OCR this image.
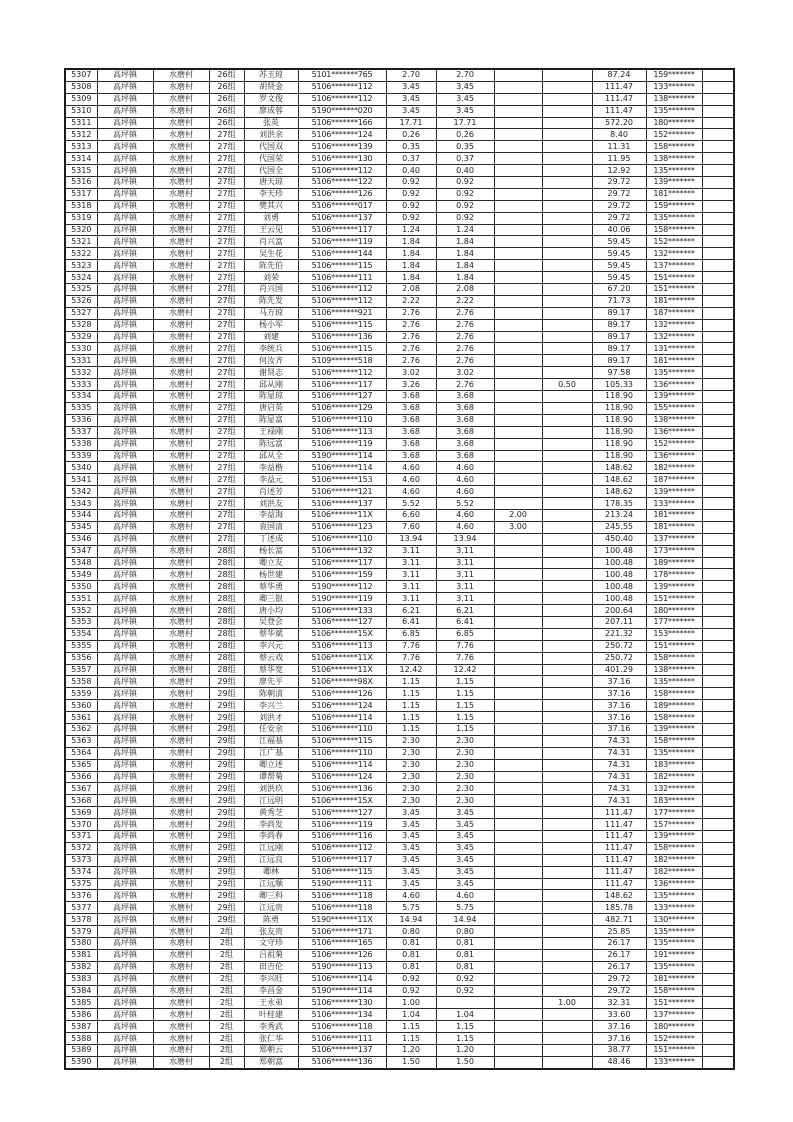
5307	高坪镇	水磨村	26组	苏玉琼	5101*******765	2.70	2.70			87.24	159*******	
5308	高坪镇	水磨村	26组	胡贤金	5106*******112	3.45	3.45			111.47	133*******	
5309	高坪镇	水磨村	26组	罗文俊	5106*******112	3.45	3.45			111.47	138*******	
5310	高坪镇	水磨村	26组	廖成蓉	5190*******020	3.45	3.45			111.47	135*******	
5311	高坪镇	水磨村	26组	张英	5106*******166	17.71	17.71			572.20	180*******	
5312	高坪镇	水磨村	27组	刘洪余	5106*******124	0.26	0.26			8.40	152*******	
5313	高坪镇	水磨村	27组	代国双	5106*******139	0.35	0.35			11.31	158*******	
5314	高坪镇	水磨村	27组	代国荣	5106*******130	0.37	0.37			11.95	138*******	
5315	高坪镇	水磨村	27组	代国全	5106*******112	0.40	0.40			12.92	135*******	
5316	高坪镇	水磨村	27组	唐天琼	5106*******122	0.92	0.92			29.72	139*******	
5317	高坪镇	水磨村	27组	李天珍	5106*******126	0.92	0.92			29.72	181*******	
5318	高坪镇	水磨村	27组	樊其兴	5106*******017	0.92	0.92			29.72	159*******	
5319	高坪镇	水磨村	27组	刘勇	5106*******137	0.92	0.92			29.72	135*******	
5320	高坪镇	水磨村	27组	王云见	5106*******117	1.24	1.24			40.06	158*******	
5321	高坪镇	水磨村	27组	肖兴富	5106*******119	1.84	1.84			59.45	152*******	
5322	高坪镇	水磨村	27组	吴生花	5106*******144	1.84	1.84			59.45	132*******	
5323	高坪镇	水磨村	27组	陈先伯	5106*******115	1.84	1.84			59.45	137*******	
5324	高坪镇	水磨村	27组	刘荣	5106*******111	1.84	1.84			59.45	151*******	
5325	高坪镇	水磨村	27组	肖兴国	5106*******112	2.08	2.08			67.20	151*******	
5326	高坪镇	水磨村	27组	陈先发	5106*******112	2.22	2.22			71.73	181*******	
5327	高坪镇	水磨村	27组	马万琼	5106*******921	2.76	2.76			89.17	187*******	
5328	高坪镇	水磨村	27组	杨小军	5106*******115	2.76	2.76			89.17	132*******	
5329	高坪镇	水磨村	27组	刘建	5106*******136	2.76	2.76			89.17	132*******	
5330	高坪镇	水磨村	27组	李统兵	5106*******115	2.76	2.76			89.17	131*******	
5331	高坪镇	水磨村	27组	何汝齐	5109*******518	2.76	2.76			89.17	181*******	
5332	高坪镇	水磨村	27组	谢贤志	5106*******112	3.02	3.02			97.58	135*******	
5333	高坪镇	水磨村	27组	邱从刚	5106*******117	3.26	2.76		0.50	105.33	136*******	
5334	高坪镇	水磨村	27组	陈显琼	5106*******127	3.68	3.68			118.90	139*******	
5335	高坪镇	水磨村	27组	唐启英	5106*******129	3.68	3.68			118.90	155*******	
5336	高坪镇	水磨村	27组	陈显富	5106*******110	3.68	3.68			118.90	138*******	
5337	高坪镇	水磨村	27组	王禄刚	5106*******113	3.68	3.68			118.90	136*******	
5338	高坪镇	水磨村	27组	陈远富	5106*******119	3.68	3.68			118.90	152*******	
5339	高坪镇	水磨村	27组	邱从全	5190*******114	3.68	3.68			118.90	136*******	
5340	高坪镇	水磨村	27组	李益楷	5106*******114	4.60	4.60			148.62	182*******	
5341	高坪镇	水磨村	27组	李益元	5106*******153	4.60	4.60			148.62	187*******	
5342	高坪镇	水磨村	27组	肖述芳	5106*******121	4.60	4.60			148.62	139*******	
5343	高坪镇	水磨村	27组	刘洪友	5106*******137	5.52	5.52			178.35	133*******	
5344	高坪镇	水磨村	27组	李益海	5106*******11X	6.60	4.60	2.00		213.24	181*******	
5345	高坪镇	水磨村	27组	袁国清	5106*******123	7.60	4.60	3.00		245.55	181*******	
5346	高坪镇	水磨村	27组	丁述成	5106*******110	13.94	13.94			450.40	137*******	
5347	高坪镇	水磨村	28组	杨长富	5106*******132	3.11	3.11			100.48	173*******	
5348	高坪镇	水磨村	28组	卿立友	5106*******117	3.11	3.11			100.48	189*******	
5349	高坪镇	水磨村	28组	杨世建	5106*******159	3.11	3.11			100.48	178*******	
5350	高坪镇	水磨村	28组	蔡华勇	5190*******112	3.11	3.11			100.48	139*******	
5351	高坪镇	水磨村	28组	卿三银	5190*******119	3.11	3.11			100.48	151*******	
5352	高坪镇	水磨村	28组	唐小均	5106*******133	6.21	6.21			200.64	180*******	
5353	高坪镇	水磨村	28组	吴登会	5106*******127	6.41	6.41			207.11	177*******	
5354	高坪镇	水磨村	28组	蔡华斌	5106*******15X	6.85	6.85			221.32	153*******	
5355	高坪镇	水磨村	28组	李兴元	5106*******113	7.76	7.76			250.72	151*******	
5356	高坪镇	水磨村	28组	蔡云戏	5106*******11X	7.76	7.76			250.72	158*******	
5357	高坪镇	水磨村	28组	蔡华宽	5106*******11X	12.42	12.42			401.29	138*******	
5358	高坪镇	水磨村	29组	廖先平	5106*******98X	1.15	1.15			37.16	135*******	
5359	高坪镇	水磨村	29组	陈朝清	5106*******126	1.15	1.15			37.16	158*******	
5360	高坪镇	水磨村	29组	李兴兰	5106*******124	1.15	1.15			37.16	189*******	
5361	高坪镇	水磨村	29组	刘洪才	5106*******114	1.15	1.15			37.16	158*******	
5362	高坪镇	水磨村	29组	任安余	5106*******110	1.15	1.15			37.16	139*******	
5363	高坪镇	水磨村	29组	江福基	5106*******115	2.30	2.30			74.31	158*******	
5364	高坪镇	水磨村	29组	江广基	5106*******110	2.30	2.30			74.31	135*******	
5365	高坪镇	水磨村	29组	卿立述	5106*******114	2.30	2.30			74.31	183*******	
5366	高坪镇	水磨村	29组	谭帮菊	5106*******124	2.30	2.30			74.31	182*******	
5367	高坪镇	水磨村	29组	刘洪玖	5106*******136	2.30	2.30			74.31	132*******	
5368	高坪镇	水磨村	29组	江远明	5106*******15X	2.30	2.30			74.31	183*******	
5369	高坪镇	水磨村	29组	黄秀芝	5106*******127	3.45	3.45			111.47	177*******	
5370	高坪镇	水磨村	29组	李尚发	5106*******119	3.45	3.45			111.47	157*******	
5371	高坪镇	水磨村	29组	李尚春	5106*******116	3.45	3.45			111.47	139*******	
5372	高坪镇	水磨村	29组	江远刚	5106*******112	3.45	3.45			111.47	158*******	
5373	高坪镇	水磨村	29组	江远良	5106*******117	3.45	3.45			111.47	182*******	
5374	高坪镇	水磨村	29组	卿林	5106*******115	3.45	3.45			111.47	182*******	
5375	高坪镇	水磨村	29组	江远顺	5190*******111	3.45	3.45			111.47	136*******	
5376	高坪镇	水磨村	29组	卿三科	5106*******118	4.60	4.60			148.62	135*******	
5377	高坪镇	水磨村	29组	江远贵	5106*******118	5.75	5.75			185.78	133*******	
5378	高坪镇	水磨村	29组	陈勇	5190*******11X	14.94	14.94			482.71	130*******	
5379	高坪镇	水磨村	2组	张友贵	5106*******171	0.80	0.80			25.85	135*******	
5380	高坪镇	水磨村	2组	文守珍	5106*******165	0.81	0.81			26.17	135*******	
5381	高坪镇	水磨村	2组	吕祖菊	5106*******126	0.81	0.81			26.17	191*******	
5382	高坪镇	水磨村	2组	田吉伦	5190*******113	0.81	0.81			26.17	135*******	
5383	高坪镇	水磨村	2组	李兴旺	5106*******114	0.92	0.92			29.72	181*******	
5384	高坪镇	水磨村	2组	李昌金	5190*******114	0.92	0.92			29.72	158*******	
5385	高坪镇	水磨村	2组	王永弟	5106*******130	1.00			1.00	32.31	151*******	
5386	高坪镇	水磨村	2组	叶桂建	5106*******134	1.04	1.04			33.60	137*******	
5387	高坪镇	水磨村	2组	李秀武	5106*******118	1.15	1.15			37.16	180*******	
5388	高坪镇	水磨村	2组	张仁华	5106*******111	1.15	1.15			37.16	152*******	
5389	高坪镇	水磨村	2组	郑朝云	5106*******137	1.20	1.20			38.77	151*******	
5390	高坪镇	水磨村	2组	郑朝富	5106*******136	1.50	1.50			48.46	133*******	
